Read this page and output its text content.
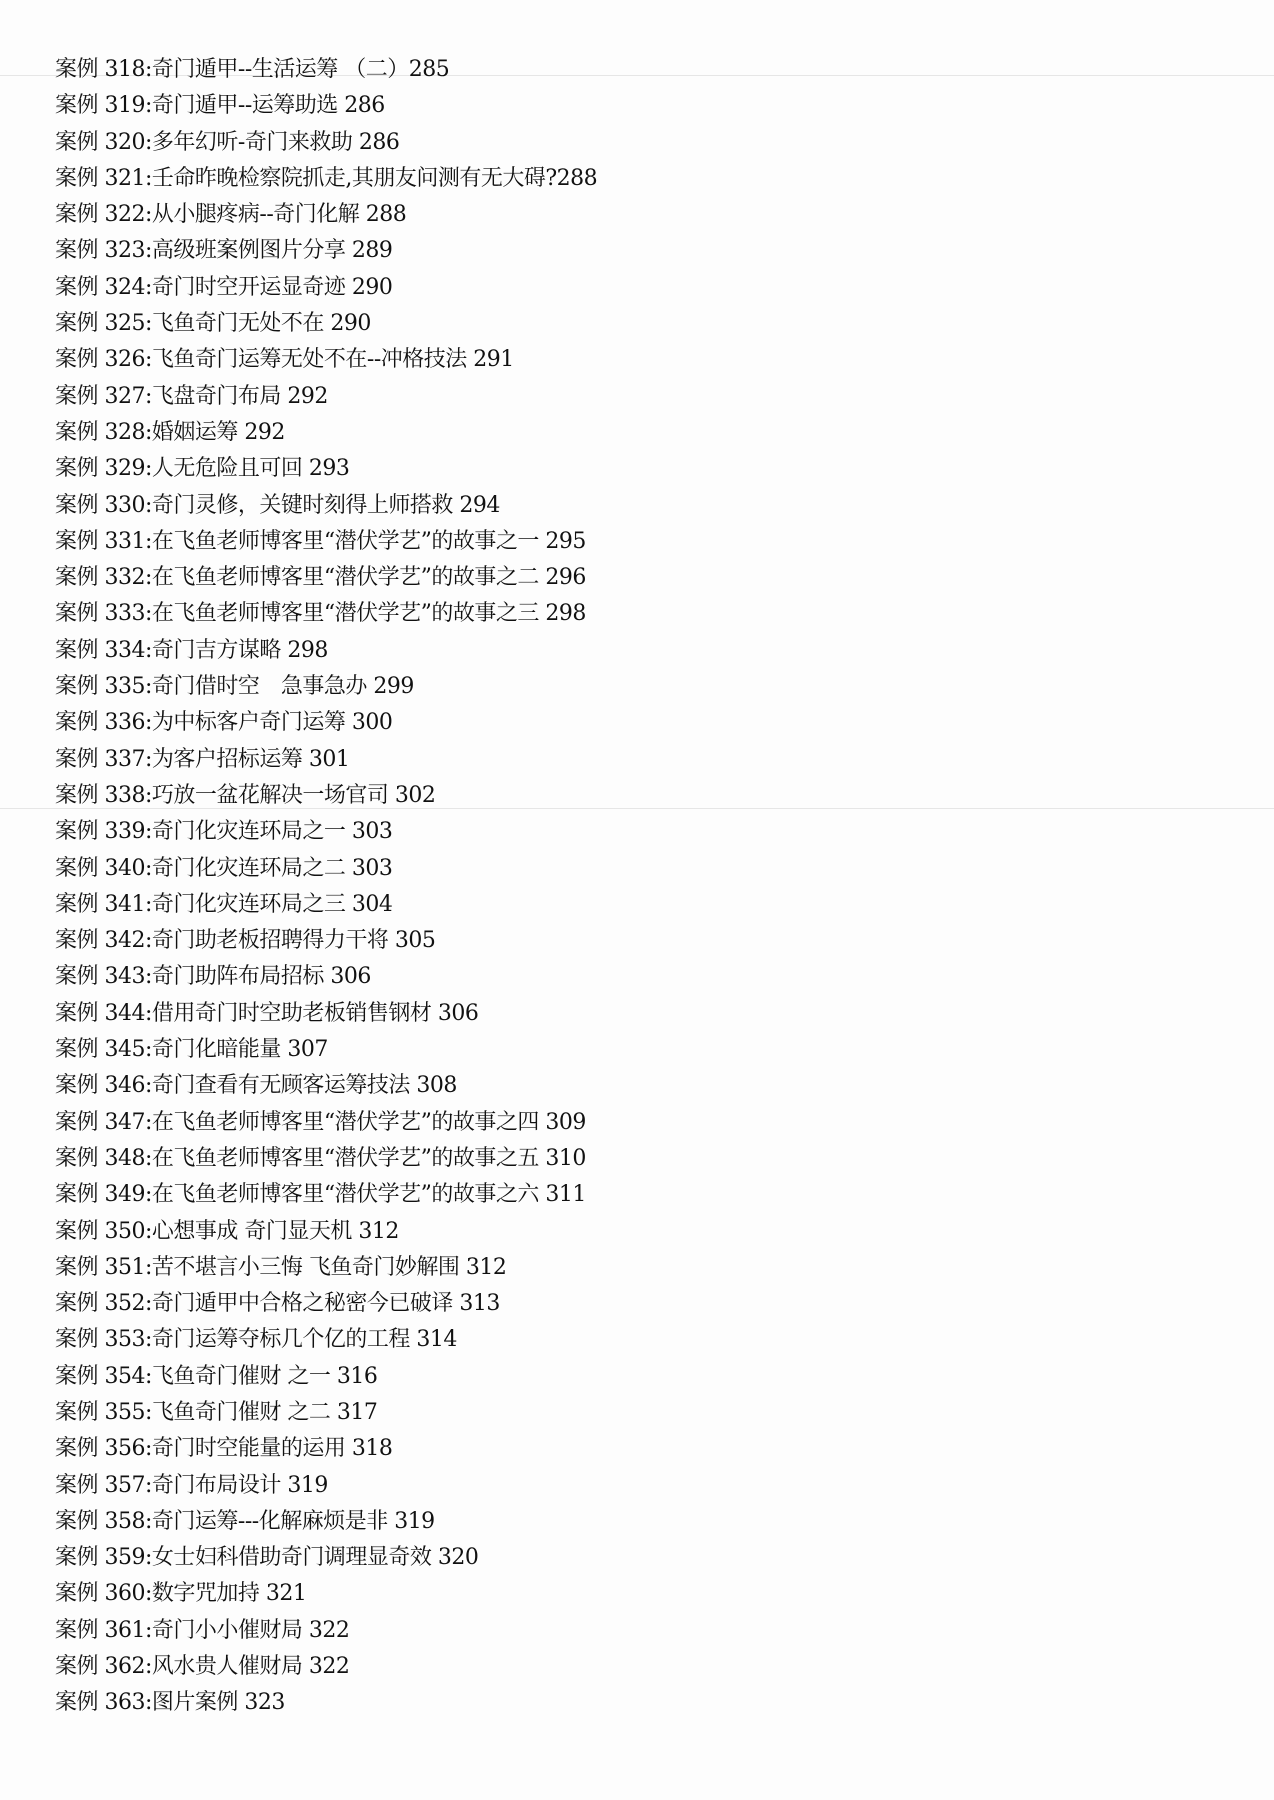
案例 318:奇门遁甲--生活运筹 （二）285
案例 319:奇门遁甲--运筹助选 286
案例 320:多年幻听-奇门来救助 286
案例 321:壬命昨晚检察院抓走,其朋友问测有无大碍?288
案例 322:从小腿疼病--奇门化解 288
案例 323:高级班案例图片分享 289
案例 324:奇门时空开运显奇迹 290
案例 325:飞鱼奇门无处不在 290
案例 326:飞鱼奇门运筹无处不在--冲格技法 291
案例 327:飞盘奇门布局 292
案例 328:婚姻运筹 292
案例 329:人无危险且可回 293
案例 330:奇门灵修，关键时刻得上师搭救 294
案例 331:在飞鱼老师博客里“潜伏学艺”的故事之一 295
案例 332:在飞鱼老师博客里“潜伏学艺”的故事之二 296
案例 333:在飞鱼老师博客里“潜伏学艺”的故事之三 298
案例 334:奇门吉方谋略 298
案例 335:奇门借时空　急事急办 299
案例 336:为中标客户奇门运筹 300
案例 337:为客户招标运筹 301
案例 338:巧放一盆花解决一场官司 302
案例 339:奇门化灾连环局之一 303
案例 340:奇门化灾连环局之二 303
案例 341:奇门化灾连环局之三 304
案例 342:奇门助老板招聘得力干将 305
案例 343:奇门助阵布局招标 306
案例 344:借用奇门时空助老板销售钢材 306
案例 345:奇门化暗能量 307
案例 346:奇门查看有无顾客运筹技法 308
案例 347:在飞鱼老师博客里“潜伏学艺”的故事之四 309
案例 348:在飞鱼老师博客里“潜伏学艺”的故事之五 310
案例 349:在飞鱼老师博客里“潜伏学艺”的故事之六 311
案例 350:心想事成 奇门显天机 312
案例 351:苦不堪言小三悔 飞鱼奇门妙解围 312
案例 352:奇门遁甲中合格之秘密今已破译 313
案例 353:奇门运筹夺标几个亿的工程 314
案例 354:飞鱼奇门催财 之一 316
案例 355:飞鱼奇门催财 之二 317
案例 356:奇门时空能量的运用 318
案例 357:奇门布局设计 319
案例 358:奇门运筹---化解麻烦是非 319
案例 359:女士妇科借助奇门调理显奇效 320
案例 360:数字咒加持 321
案例 361:奇门小小催财局 322
案例 362:风水贵人催财局 322
案例 363:图片案例 323
